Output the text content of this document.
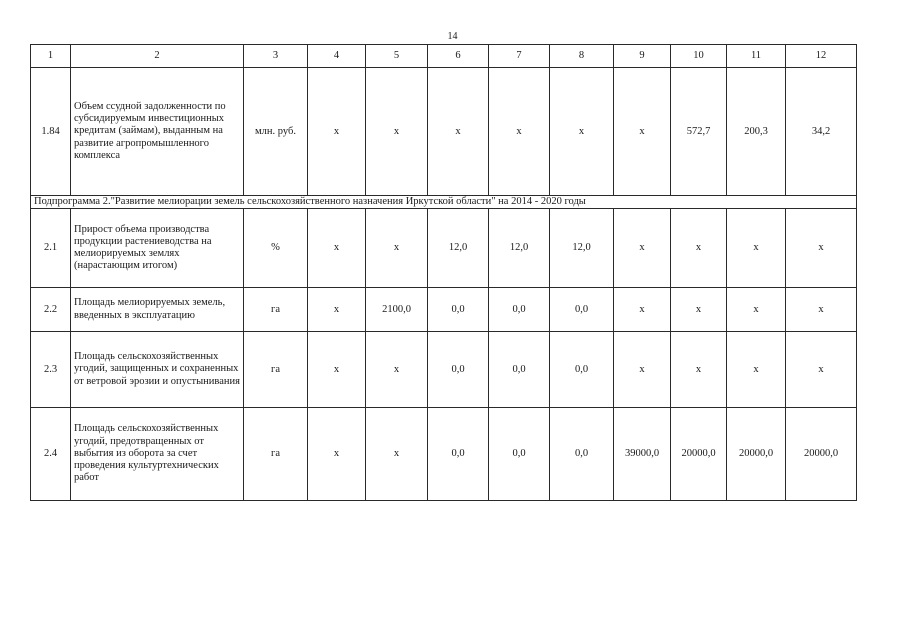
14
1	2	3	4	5	6	7	8	9	10	11	12
1.84	Объем ссудной задолженности по субсидируемым инвестиционных кредитам (займам), выданным на развитие агропромышленного комплекса	млн. руб.	х	х	х	х	х	х	572,7	200,3	34,2
Подпрограмма 2."Развитие мелиорации земель сельскохозяйственного назначения Иркутской области" на 2014 - 2020 годы											
2.1	Прирост объема производства продукции растениеводства на мелиорируемых землях (нарастающим итогом)	%	х	х	12,0	12,0	12,0	х	х	х	х
2.2	Площадь мелиорируемых земель, введенных в эксплуатацию	га	х	2100,0	0,0	0,0	0,0	х	х	х	х
2.3	Площадь сельскохозяйственных угодий, защищенных и сохраненных от ветровой эрозии и опустынивания	га	х	х	0,0	0,0	0,0	х	х	х	х
2.4	Площадь сельскохозяйственных угодий, предотвращенных от выбытия из оборота за счет проведения культуртехнических работ	га	х	х	0,0	0,0	0,0	39000,0	20000,0	20000,0	20000,0
